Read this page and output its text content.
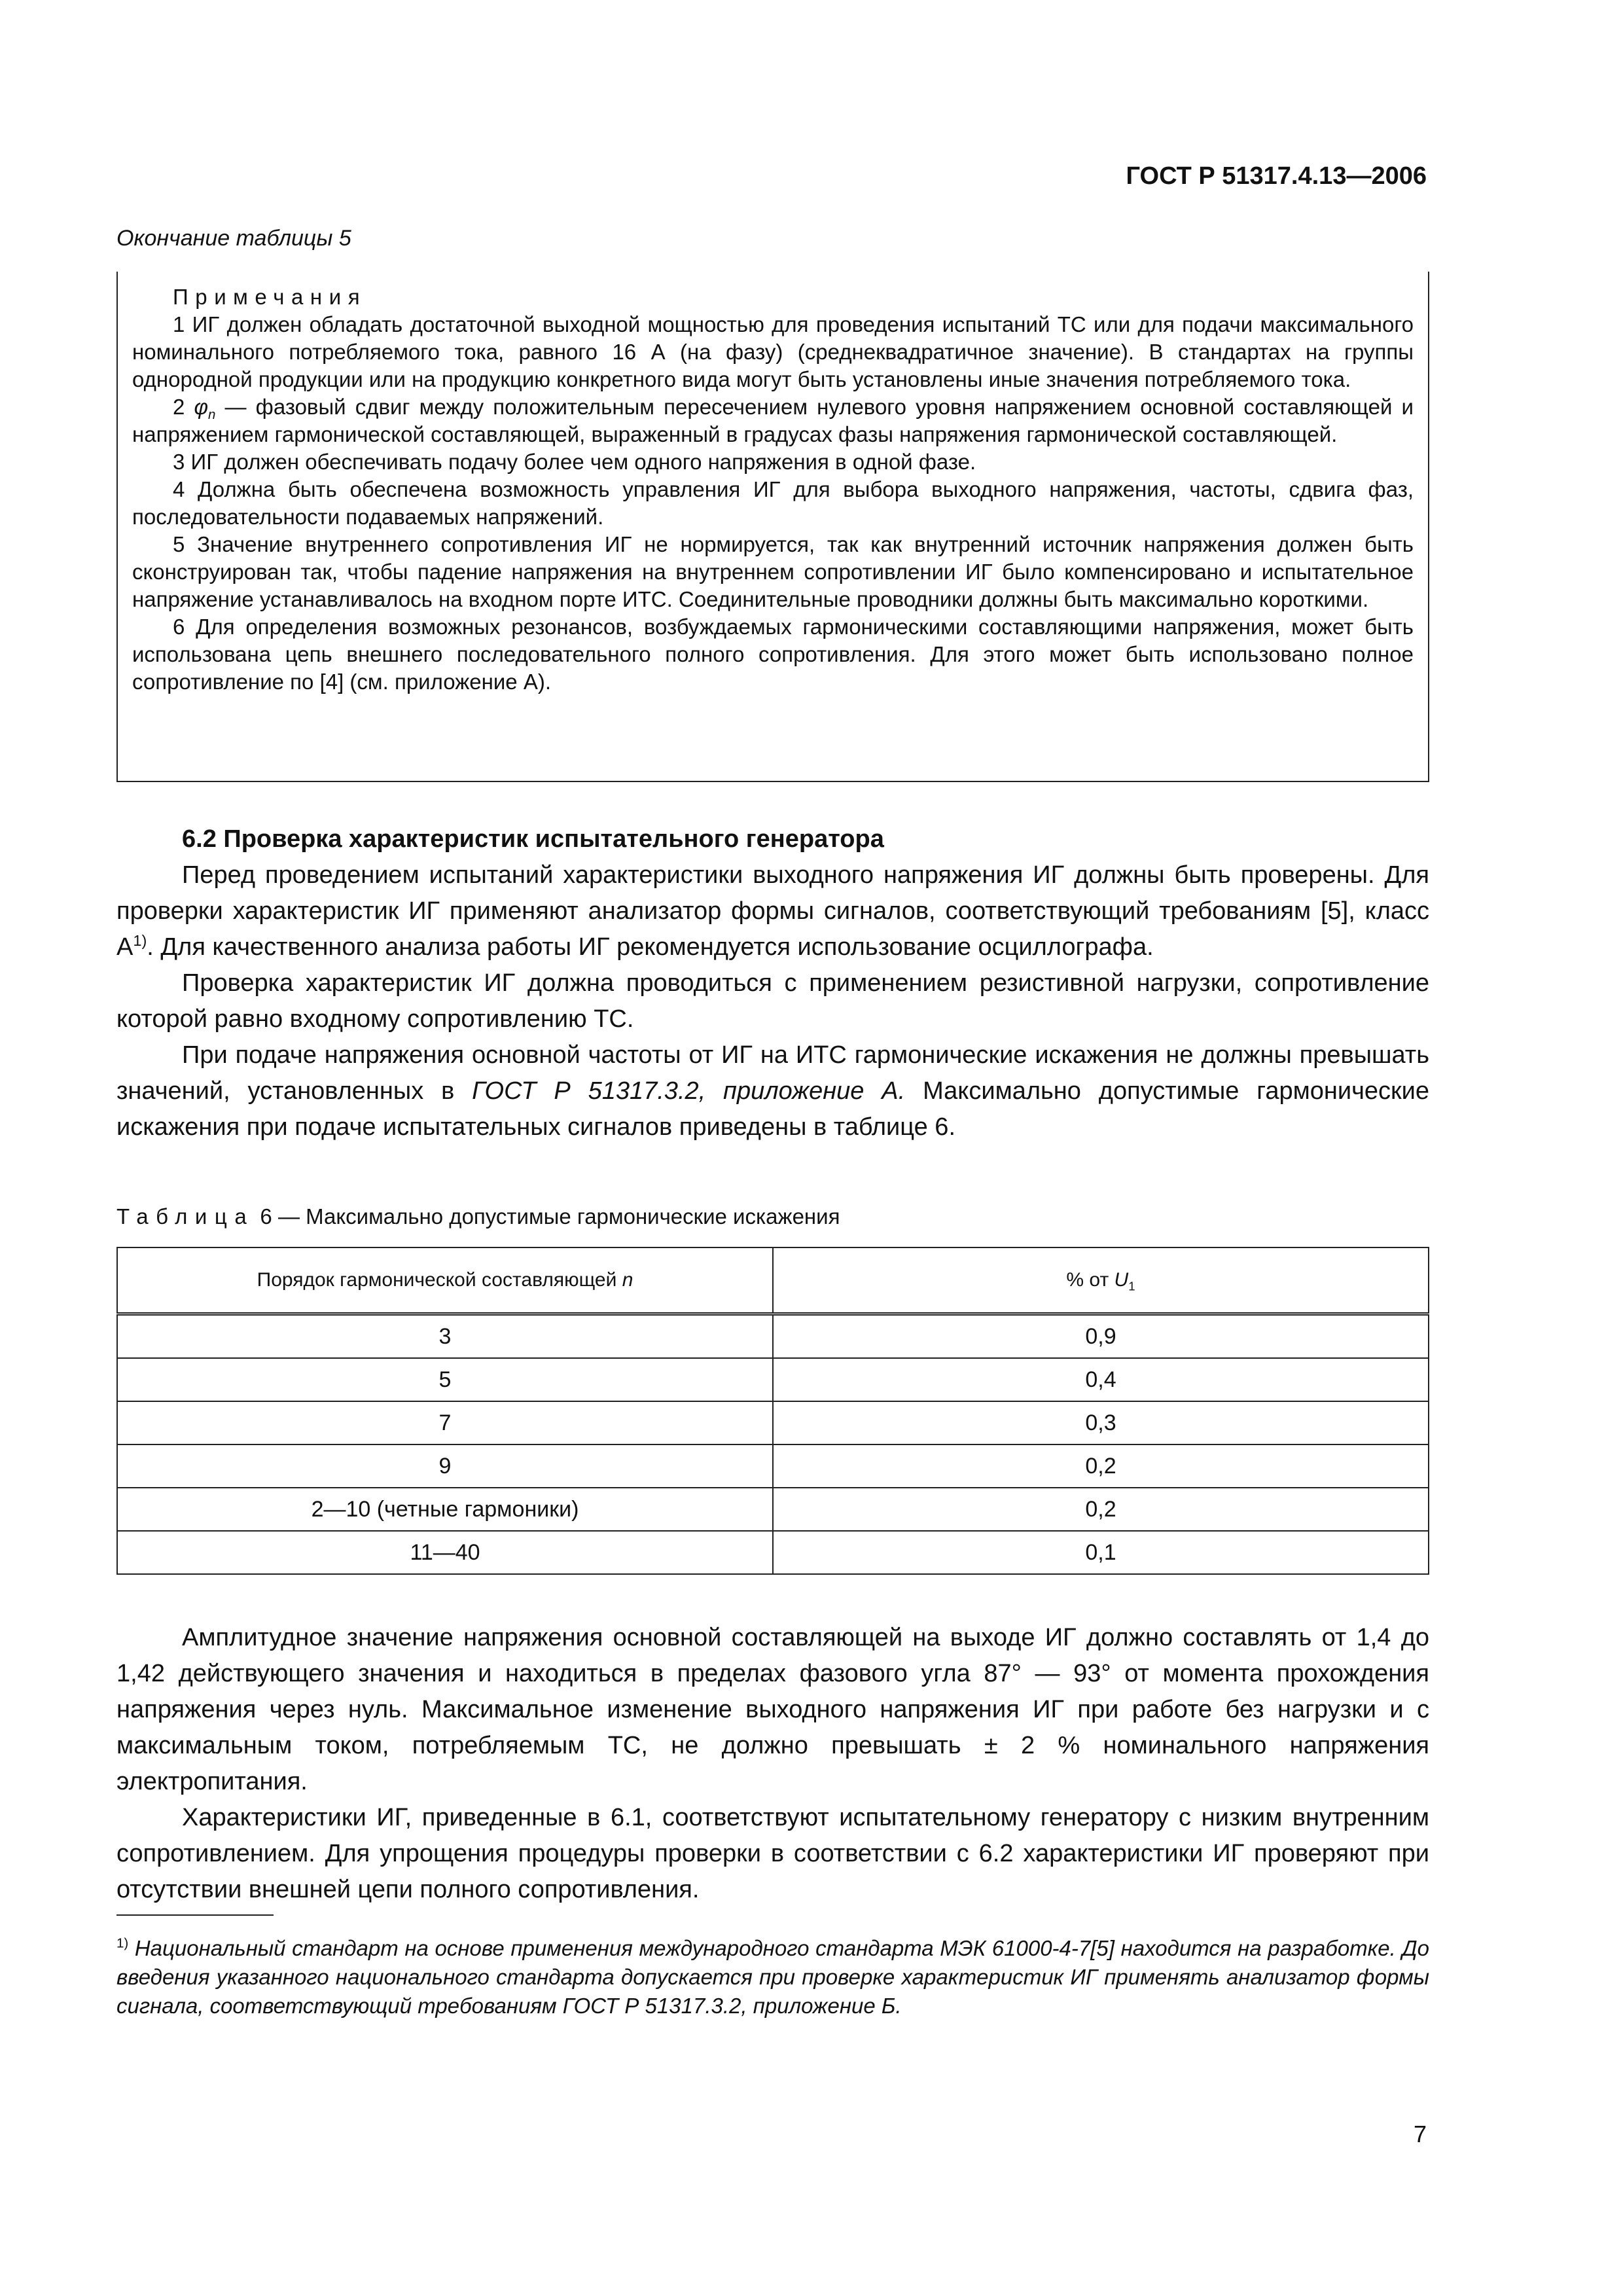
ГОСТ Р 51317.4.13—2006
Окончание таблицы 5

Примечания

1 ИГ должен обладать достаточной выходной мощностью для проведения испытаний ТС или для подачи максимального номинального потребляемого тока, равного 16 А (на фазу) (среднеквадратичное значение). В стандартах на группы однородной продукции или на продукцию конкретного вида могут быть установлены иные значения потребляемого тока.

2 $\varphi_n$ — фазовый сдвиг между положительным пересечением нулевого уровня напряжением основной составляющей и напряжением гармонической составляющей, выраженный в градусах фазы напряжения гармонической составляющей.

3 ИГ должен обеспечивать подачу более чем одного напряжения в одной фазе.

4 Должна быть обеспечена возможность управления ИГ для выбора выходного напряжения, частоты, сдвига фаз, последовательности подаваемых напряжений.

5 Значение внутреннего сопротивления ИГ не нормируется, так как внутренний источник напряжения должен быть сконструирован так, чтобы падение напряжения на внутреннем сопротивлении ИГ было компенсировано и испытательное напряжение устанавливалось на входном порте ИТС. Соединительные проводники должны быть максимально короткими.

6 Для определения возможных резонансов, возбуждаемых гармоническими составляющими напряжения, может быть использована цепь внешнего последовательного полного сопротивления. Для этого может быть использовано полное сопротивление по [4] (см. приложение А).

6.2 Проверка характеристик испытательного генератора

Перед проведением испытаний характеристики выходного напряжения ИГ должны быть проверены. Для проверки характеристик ИГ применяют анализатор формы сигналов, соответствующий требованиям [5], класс $А^{1)}$. Для качественного анализа работы ИГ рекомендуется использование осциллографа.

Проверка характеристик ИГ должна проводиться с применением резистивной нагрузки, сопротивление которой равно входному сопротивлению ТС.

При подаче напряжения основной частоты от ИГ на ИТС гармонические искажения не должны превышать значений, установленных в ГОСТ Р 51317.3.2, приложение А. Максимально допустимые гармонические искажения при подаче испытательных сигналов приведены в таблице 6.

Таблица 6 — Максимально допустимые гармонические искажения
Порядок гармонической составляющей n	% от $U_1$
3	0,9
5	0,4
7	0,3
9	0,2
2—10 (четные гармоники)	0,2
11—40	0,1

Амплитудное значение напряжения основной составляющей на выходе ИГ должно составлять от 1,4 до 1,42 действующего значения и находиться в пределах фазового угла 87° — 93° от момента прохождения напряжения через нуль. Максимальное изменение выходного напряжения ИГ при работе без нагрузки и с максимальным током, потребляемым ТС, не должно превышать ± 2 % номинального напряжения электропитания.

Характеристики ИГ, приведенные в 6.1, соответствуют испытательному генератору с низким внутренним сопротивлением. Для упрощения процедуры проверки в соответствии с 6.2 характеристики ИГ проверяют при отсутствии внешней цепи полного сопротивления.

$^{1)}$ Национальный стандарт на основе применения международного стандарта МЭК 61000-4-7[5] находится на разработке. До введения указанного национального стандарта допускается при проверке характеристик ИГ применять анализатор формы сигнала, соответствующий требованиям ГОСТ Р 51317.3.2, приложение Б.
7
